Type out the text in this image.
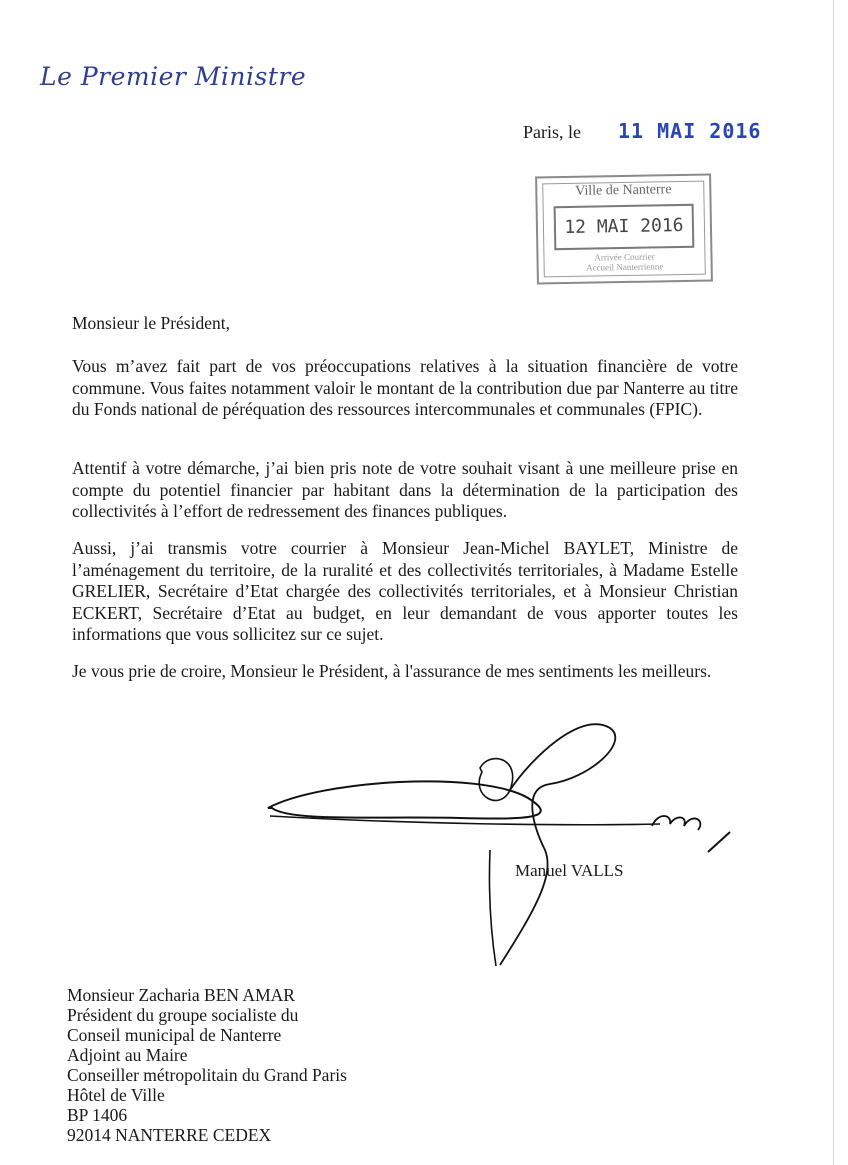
Le Premier Ministre
Paris, le 11 MAI 2016
Ville de Nanterre
12 MAI 2016
Arrivée Courrier
Accueil Nanterrienne
Monsieur le Président,
Vous m’avez fait part de vos préoccupations relatives à la situation financière de votre commune. Vous faites notamment valoir le montant de la contribution due par Nanterre au titre du Fonds national de péréquation des ressources intercommunales et communales (FPIC).
Attentif à votre démarche, j’ai bien pris note de votre souhait visant à une meilleure prise en compte du potentiel financier par habitant dans la détermination de la participation des collectivités à l’effort de redressement des finances publiques.
Aussi, j’ai transmis votre courrier à Monsieur Jean-Michel BAYLET, Ministre de l’aménagement du territoire, de la ruralité et des collectivités territoriales, à Madame Estelle GRELIER, Secrétaire d’Etat chargée des collectivités territoriales, et à Monsieur Christian ECKERT, Secrétaire d’Etat au budget, en leur demandant de vous apporter toutes les informations que vous sollicitez sur ce sujet.
Je vous prie de croire, Monsieur le Président, à l'assurance de mes sentiments les meilleurs.
Manuel VALLS
Monsieur Zacharia BEN AMAR
Président du groupe socialiste du
Conseil municipal de Nanterre
Adjoint au Maire
Conseiller métropolitain du Grand Paris
Hôtel de Ville
BP 1406
92014 NANTERRE CEDEX
